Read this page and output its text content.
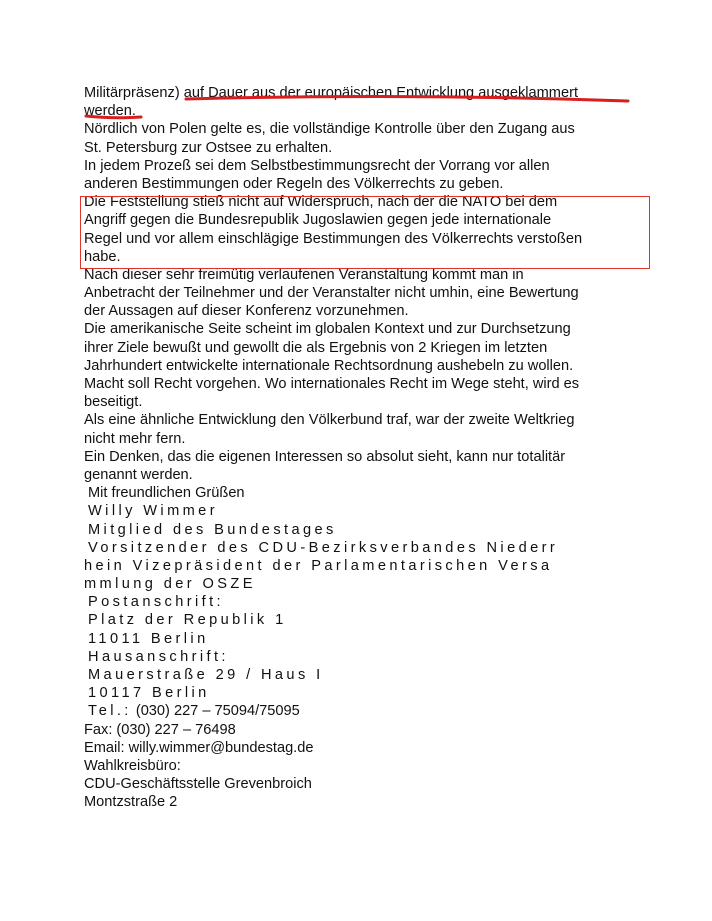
Militärpräsenz) auf Dauer aus der europäischen Entwicklung ausgeklammert
werden.
Nördlich von Polen gelte es, die vollständige Kontrolle über den Zugang aus
St. Petersburg zur Ostsee zu erhalten.
In jedem Prozeß sei dem Selbstbestimmungsrecht der Vorrang vor allen
anderen Bestimmungen oder Regeln des Völkerrechts zu geben.
Die Feststellung stieß nicht auf Widerspruch, nach der die NATO bei dem
Angriff gegen die Bundesrepublik Jugoslawien gegen jede internationale
Regel und vor allem einschlägige Bestimmungen des Völkerrechts verstoßen
habe.
Nach dieser sehr freimütig verlaufenen Veranstaltung kommt man in
Anbetracht der Teilnehmer und der Veranstalter nicht umhin, eine Bewertung
der Aussagen auf dieser Konferenz vorzunehmen.
Die amerikanische Seite scheint im globalen Kontext und zur Durchsetzung
ihrer Ziele bewußt und gewollt die als Ergebnis von 2 Kriegen im letzten
Jahrhundert entwickelte internationale Rechtsordnung aushebeln zu wollen.
Macht soll Recht vorgehen. Wo internationales Recht im Wege steht, wird es
beseitigt.
Als eine ähnliche Entwicklung den Völkerbund traf, war der zweite Weltkrieg
nicht mehr fern.
Ein Denken, das die eigenen Interessen so absolut sieht, kann nur totalitär
genannt werden.
Mit freundlichen Grüßen
Willy Wimmer
Mitglied des Bundestages
Vorsitzender des CDU-Bezirksverbandes Niederr
hein Vizepräsident der Parlamentarischen Versa
mmlung der OSZE
Postanschrift:
Platz der Republik 1
11011 Berlin
Hausanschrift:
Mauerstraße 29 / Haus I
10117 Berlin
Tel.: (030) 227 – 75094/75095
Fax: (030) 227 – 76498
Email: willy.wimmer@bundestag.de
Wahlkreisbüro:
CDU-Geschäftsstelle Grevenbroich
Montzstraße 2
